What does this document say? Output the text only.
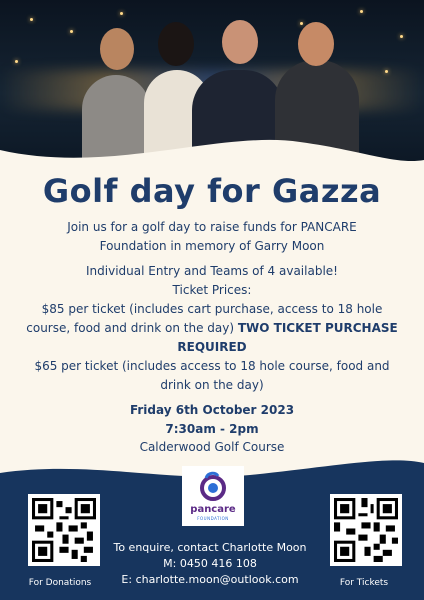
Golf day for Gazza
Join us for a golf day to raise funds for PANCARE
Foundation in memory of Garry Moon
Individual Entry and Teams of 4 available!
Ticket Prices:
$85 per ticket (includes cart purchase, access to 18 hole
course, food and drink on the day) TWO TICKET PURCHASE
REQUIRED
$65 per ticket (includes access to 18 hole course, food and
drink on the day)
Friday 6th October 2023
7:30am - 2pm
Calderwood Golf Course
For Donations	For Tickets
pancare
FOUNDATION
To enquire, contact Charlotte Moon
M: 0450 416 108
E: charlotte.moon@outlook.com
